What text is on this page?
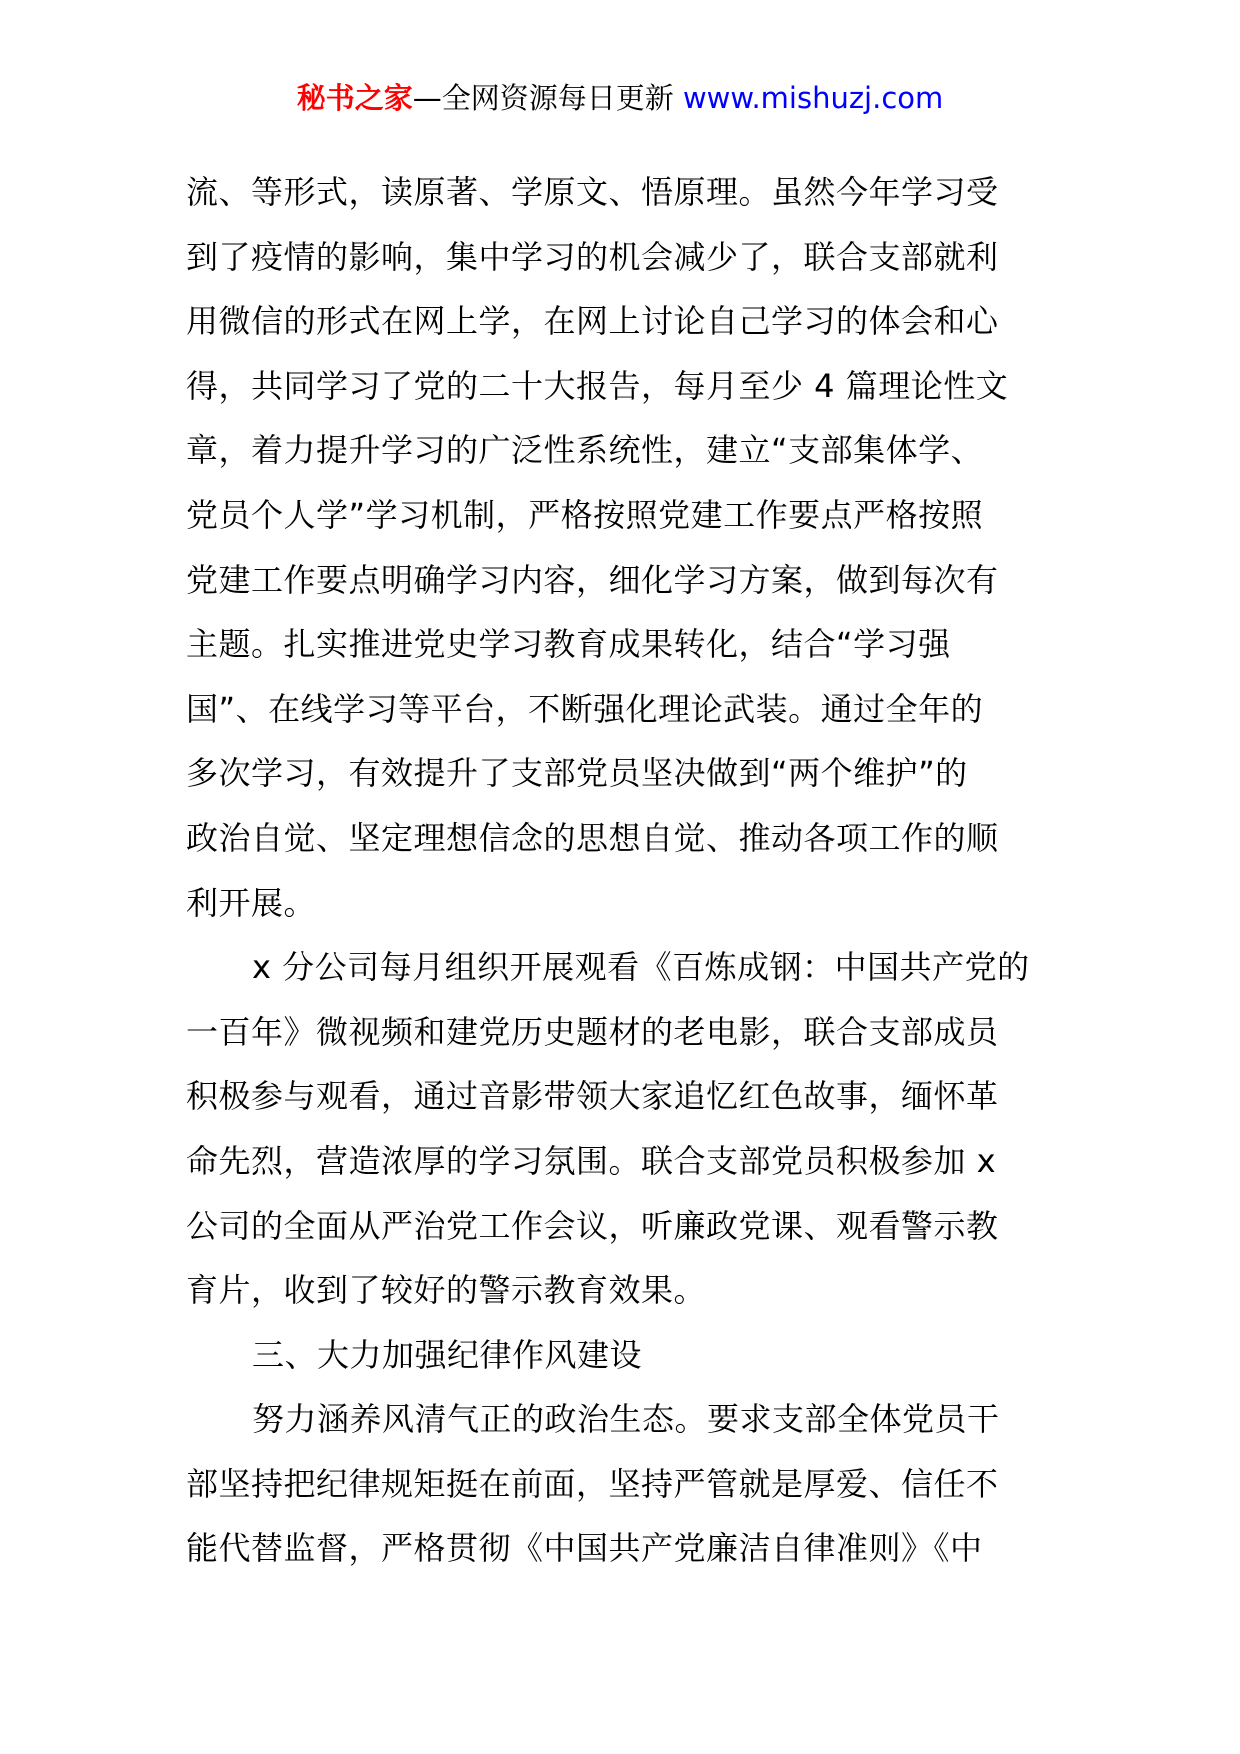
秘书之家—全网资源每日更新 www.mishuzj.com
流、等形式，读原著、学原文、悟原理。虽然今年学习受
到了疫情的影响，集中学习的机会减少了，联合支部就利
用微信的形式在网上学，在网上讨论自己学习的体会和心
得，共同学习了党的二十大报告，每月至少 4 篇理论性文
章，着力提升学习的广泛性系统性，建立“支部集体学、
党员个人学”学习机制，严格按照党建工作要点严格按照
党建工作要点明确学习内容，细化学习方案，做到每次有
主题。扎实推进党史学习教育成果转化，结合“学习强
国”、在线学习等平台，不断强化理论武装。通过全年的
多次学习，有效提升了支部党员坚决做到“两个维护”的
政治自觉、坚定理想信念的思想自觉、推动各项工作的顺
利开展。
x 分公司每月组织开展观看《百炼成钢：中国共产党的
一百年》微视频和建党历史题材的老电影，联合支部成员
积极参与观看，通过音影带领大家追忆红色故事，缅怀革
命先烈，营造浓厚的学习氛围。联合支部党员积极参加 x
公司的全面从严治党工作会议，听廉政党课、观看警示教
育片，收到了较好的警示教育效果。
三、大力加强纪律作风建设
努力涵养风清气正的政治生态。要求支部全体党员干
部坚持把纪律规矩挺在前面，坚持严管就是厚爱、信任不
能代替监督，严格贯彻《中国共产党廉洁自律准则》《中
